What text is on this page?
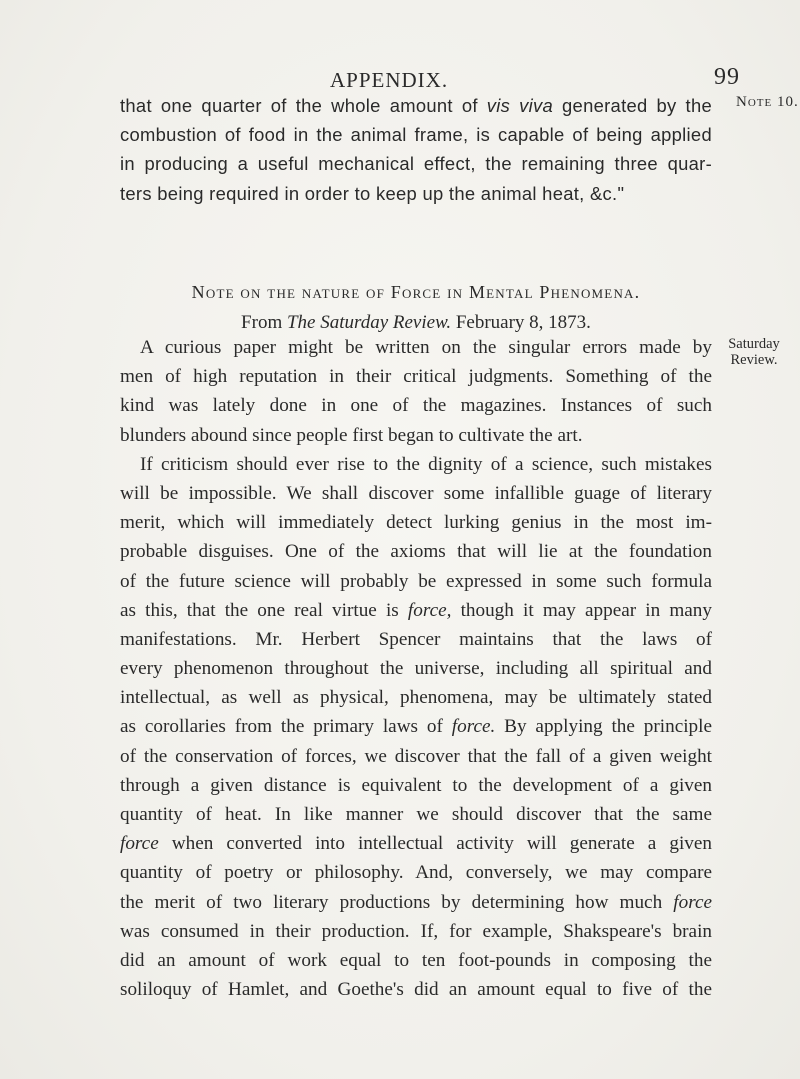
APPENDIX.	99
Note 10.
Saturday
Review.
that one quarter of the whole amount of vis viva generated by the
combustion of food in the animal frame, is capable of being applied
in producing a useful mechanical effect, the remaining three quar-
ters being required in order to keep up the animal heat, &c."
Note on the nature of Force in Mental Phenomena.
From The Saturday Review. February 8, 1873.
A curious paper might be written on the singular errors made by
men of high reputation in their critical judgments. Something of the
kind was lately done in one of the magazines. Instances of such
blunders abound since people first began to cultivate the art.
If criticism should ever rise to the dignity of a science, such mistakes
will be impossible. We shall discover some infallible guage of literary
merit, which will immediately detect lurking genius in the most im-
probable disguises. One of the axioms that will lie at the foundation
of the future science will probably be expressed in some such formula
as this, that the one real virtue is force, though it may appear in many
manifestations. Mr. Herbert Spencer maintains that the laws of
every phenomenon throughout the universe, including all spiritual and
intellectual, as well as physical, phenomena, may be ultimately stated
as corollaries from the primary laws of force. By applying the principle
of the conservation of forces, we discover that the fall of a given weight
through a given distance is equivalent to the development of a given
quantity of heat. In like manner we should discover that the same
force when converted into intellectual activity will generate a given
quantity of poetry or philosophy. And, conversely, we may compare
the merit of two literary productions by determining how much force
was consumed in their production. If, for example, Shakspeare's brain
did an amount of work equal to ten foot-pounds in composing the
soliloquy of Hamlet, and Goethe's did an amount equal to five of the
